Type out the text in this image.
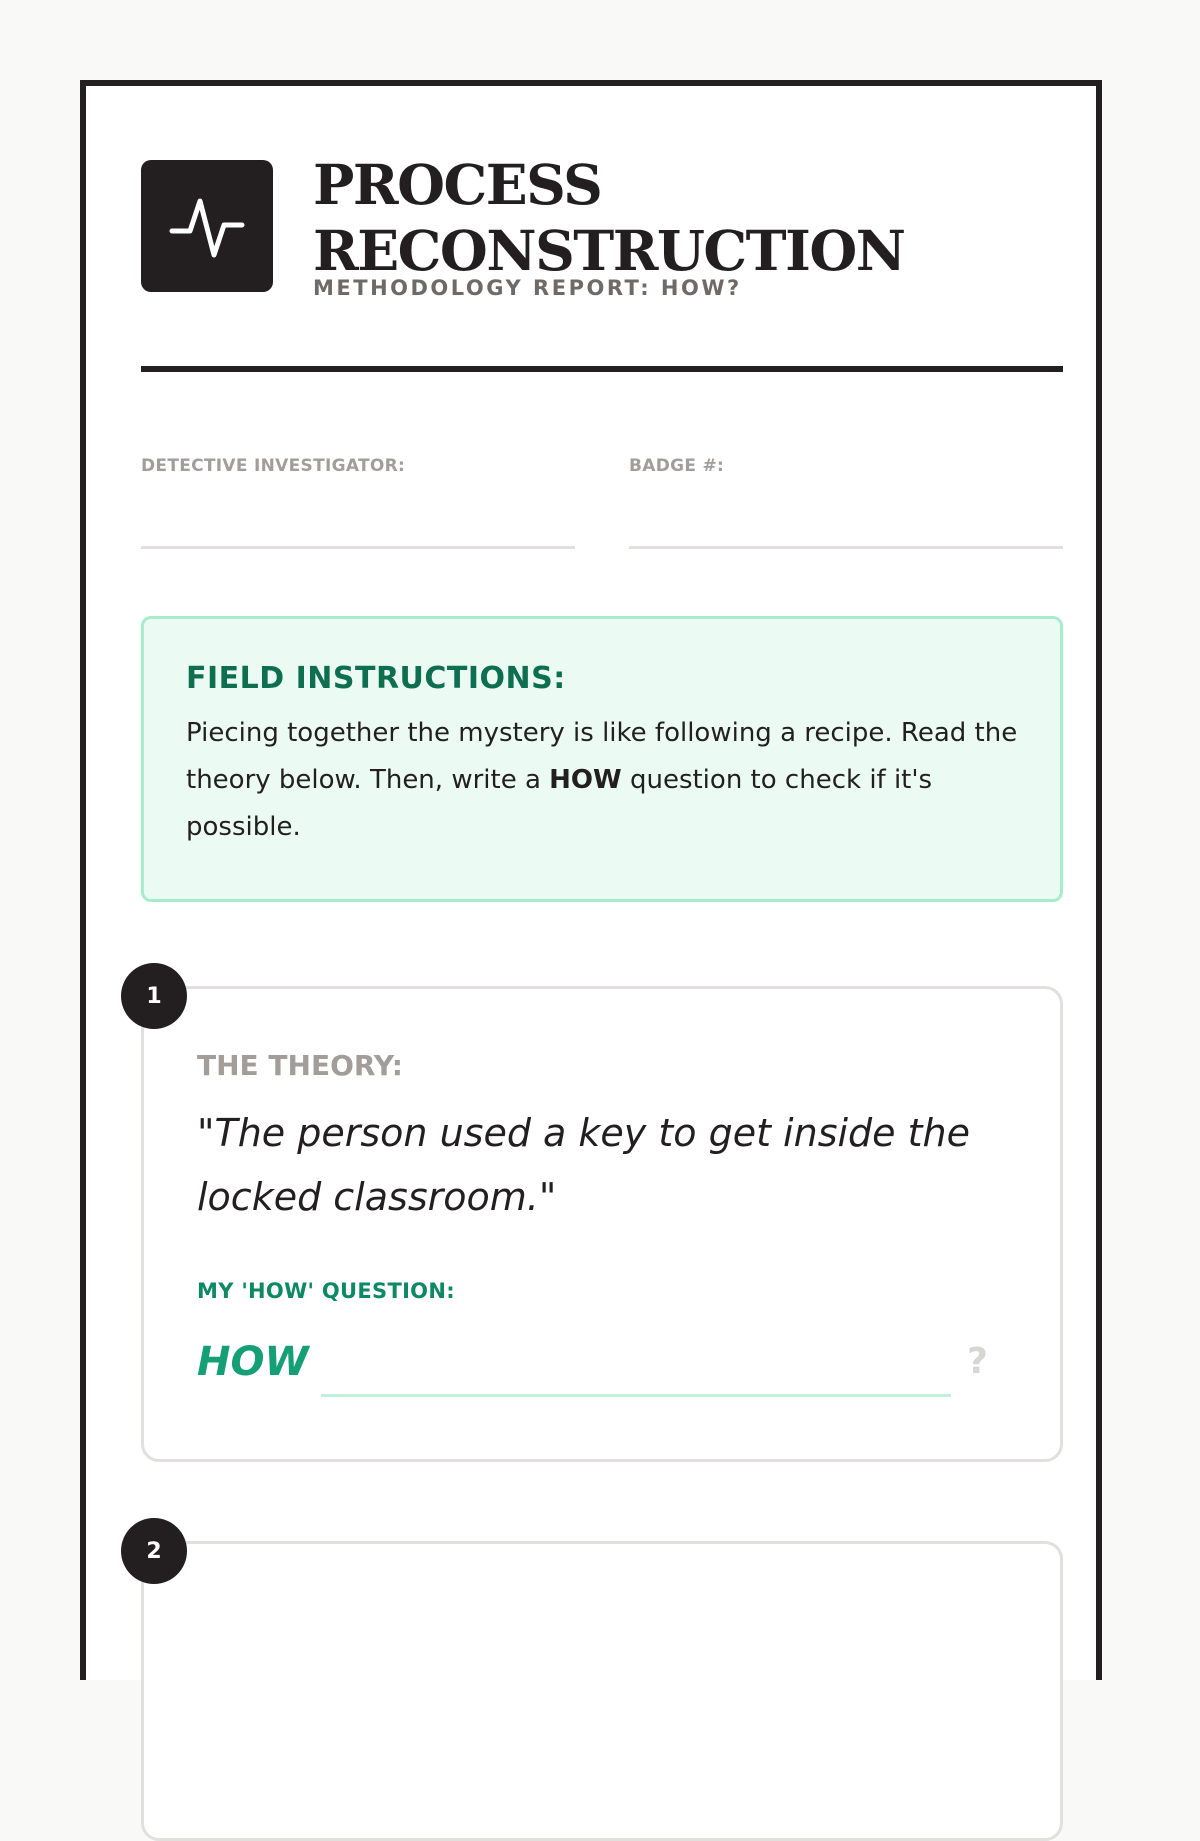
PROCESS
RECONSTRUCTION
METHODOLOGY REPORT: HOW?
DETECTIVE INVESTIGATOR:	BADGE #:
FIELD INSTRUCTIONS:
Piecing together the mystery is like following a recipe. Read the theory below. Then, write a HOW question to check if it's possible.
THE THEORY:
"The person used a key to get inside the locked classroom."
MY 'HOW' QUESTION:
HOW	?
1
2
